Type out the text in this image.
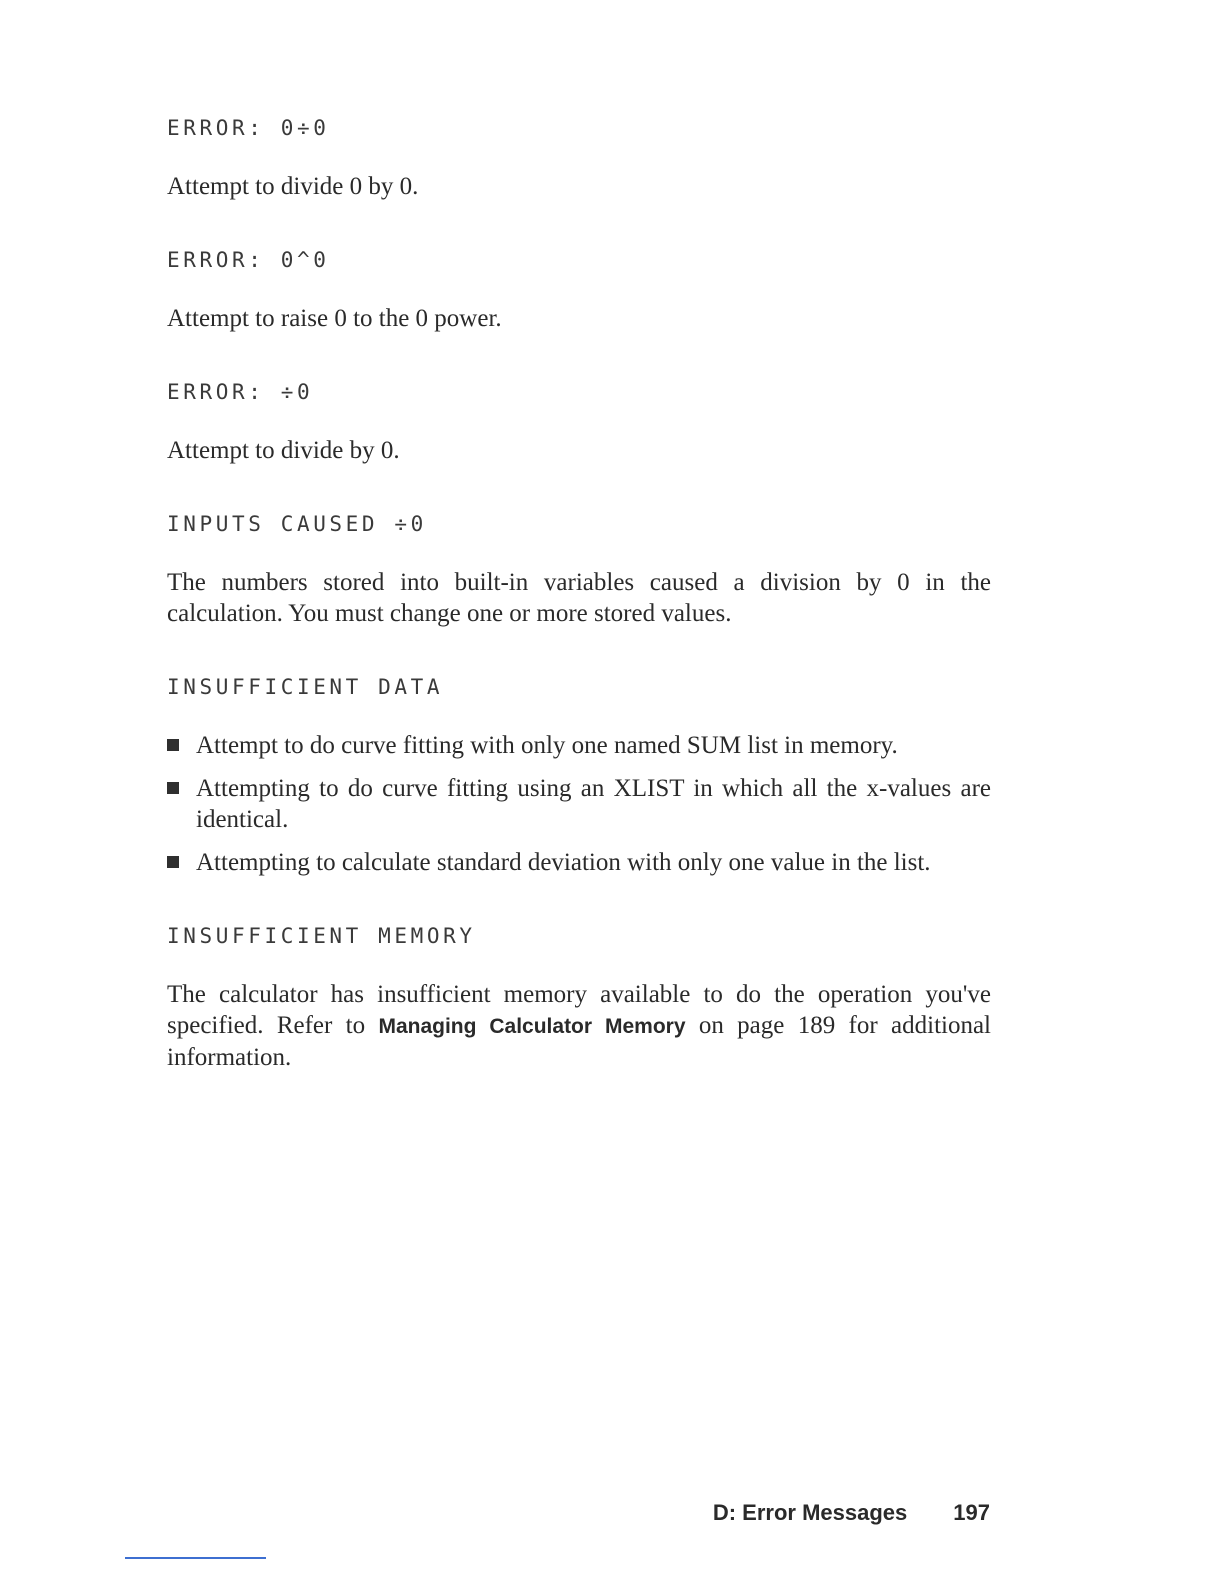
ERROR: 0÷0

Attempt to divide 0 by 0.

ERROR: 0^0

Attempt to raise 0 to the 0 power.

ERROR: ÷0

Attempt to divide by 0.

INPUTS CAUSED ÷0

The numbers stored into built-in variables caused a division by 0 in the calculation. You must change one or more stored values.

INSUFFICIENT DATA

Attempt to do curve fitting with only one named SUM list in memory.
Attempting to do curve fitting using an XLIST in which all the x-values are identical.
Attempting to calculate standard deviation with only one value in the list.

INSUFFICIENT MEMORY

The calculator has insufficient memory available to do the operation you've specified. Refer to Managing Calculator Memory on page 189 for additional information.

D: Error Messages 197
